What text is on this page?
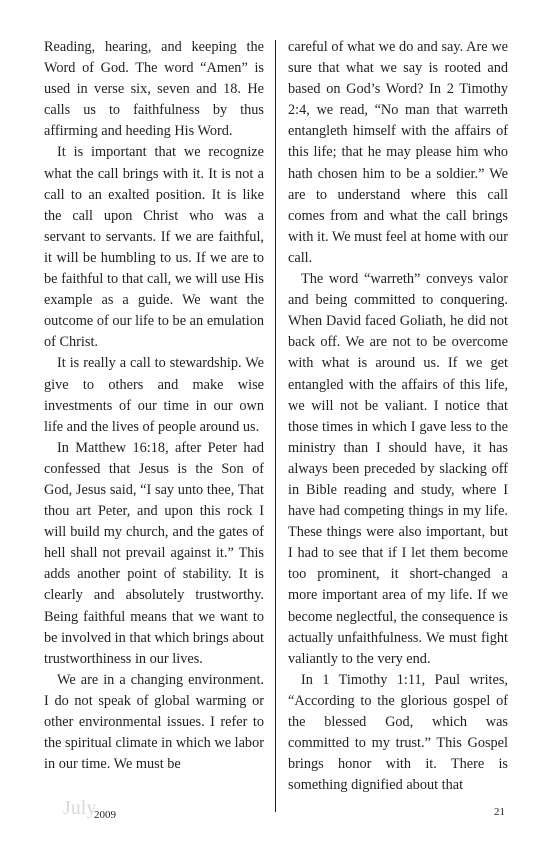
Reading, hearing, and keeping the Word of God. The word “Amen” is used in verse six, seven and 18. He calls us to faithfulness by thus affirming and heeding His Word.

It is important that we recognize what the call brings with it. It is not a call to an exalted position. It is like the call upon Christ who was a servant to servants. If we are faithful, it will be humbling to us. If we are to be faithful to that call, we will use His example as a guide. We want the outcome of our life to be an emulation of Christ.

It is really a call to stewardship. We give to others and make wise investments of our time in our own life and the lives of people around us.

In Matthew 16:18, after Peter had confessed that Jesus is the Son of God, Jesus said, “I say unto thee, That thou art Peter, and upon this rock I will build my church, and the gates of hell shall not prevail against it.” This adds another point of stability. It is clearly and absolutely trustworthy. Being faithful means that we want to be involved in that which brings about trustworthiness in our lives.

We are in a changing environment. I do not speak of global warming or other environmental issues. I refer to the spiritual climate in which we labor in our time. We must be

careful of what we do and say. Are we sure that what we say is rooted and based on God’s Word? In 2 Timothy 2:4, we read, “No man that warreth entangleth himself with the affairs of this life; that he may please him who hath chosen him to be a soldier.” We are to understand where this call comes from and what the call brings with it. We must feel at home with our call.

The word “warreth” conveys valor and being committed to conquering. When David faced Goliath, he did not back off. We are not to be overcome with what is around us. If we get entangled with the affairs of this life, we will not be valiant. I notice that those times in which I gave less to the ministry than I should have, it has always been preceded by slacking off in Bible reading and study, where I have had competing things in my life. These things were also important, but I had to see that if I let them become too prominent, it short-changed a more important area of my life. If we become neglectful, the consequence is actually unfaithfulness. We must fight valiantly to the very end.

In 1 Timothy 1:11, Paul writes, “According to the glorious gospel of the blessed God, which was committed to my trust.” This Gospel brings honor with it. There is something dignified about that

July
2009	21
